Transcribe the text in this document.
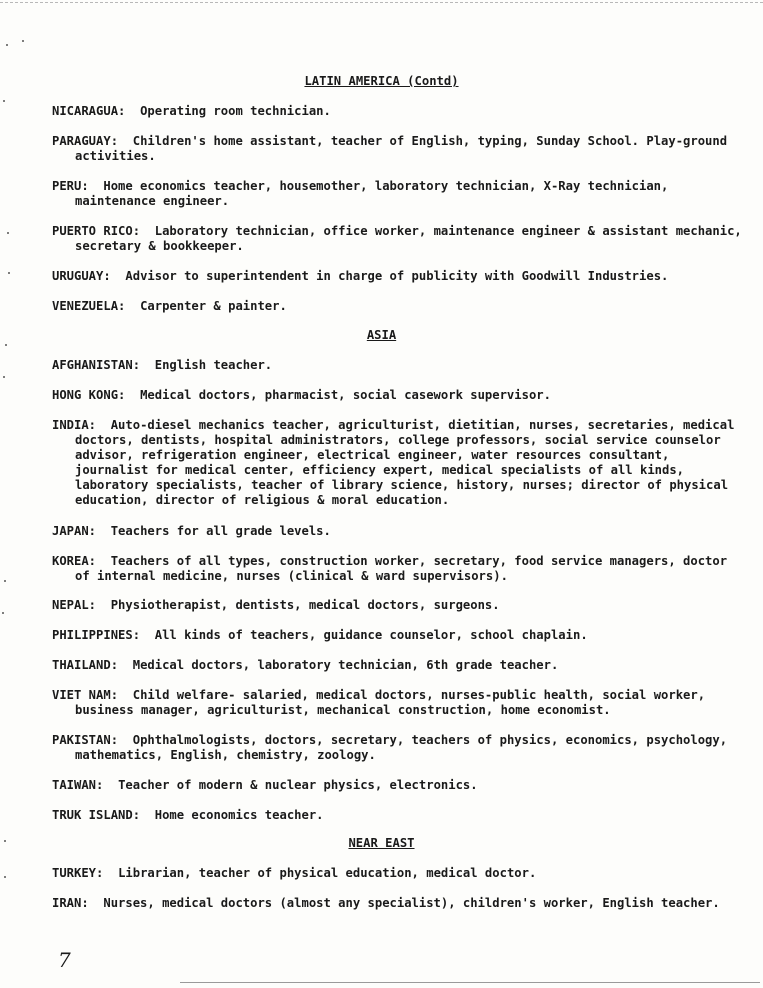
LATIN AMERICA (Contd)

NICARAGUA: Operating room technician.

PARAGUAY: Children's home assistant, teacher of English, typing, Sunday School. Play-ground activities.

PERU: Home economics teacher, housemother, laboratory technician, X-Ray technician, maintenance engineer.

PUERTO RICO: Laboratory technician, office worker, maintenance engineer & assistant mechanic, secretary & bookkeeper.

URUGUAY: Advisor to superintendent in charge of publicity with Goodwill Industries.

VENEZUELA: Carpenter & painter.

ASIA

AFGHANISTAN: English teacher.

HONG KONG: Medical doctors, pharmacist, social casework supervisor.

INDIA: Auto-diesel mechanics teacher, agriculturist, dietitian, nurses, secretaries, medical doctors, dentists, hospital administrators, college professors, social service counselor advisor, refrigeration engineer, electrical engineer, water resources consultant, journalist for medical center, efficiency expert, medical specialists of all kinds, laboratory specialists, teacher of library science, history, nurses; director of physical education, director of religious & moral education.

JAPAN: Teachers for all grade levels.

KOREA: Teachers of all types, construction worker, secretary, food service managers, doctor of internal medicine, nurses (clinical & ward supervisors).

NEPAL: Physiotherapist, dentists, medical doctors, surgeons.

PHILIPPINES: All kinds of teachers, guidance counselor, school chaplain.

THAILAND: Medical doctors, laboratory technician, 6th grade teacher.

VIET NAM: Child welfare- salaried, medical doctors, nurses-public health, social worker, business manager, agriculturist, mechanical construction, home economist.

PAKISTAN: Ophthalmologists, doctors, secretary, teachers of physics, economics, psychology, mathematics, English, chemistry, zoology.

TAIWAN: Teacher of modern & nuclear physics, electronics.

TRUK ISLAND: Home economics teacher.

NEAR EAST

TURKEY: Librarian, teacher of physical education, medical doctor.

IRAN: Nurses, medical doctors (almost any specialist), children's worker, English teacher.

7
